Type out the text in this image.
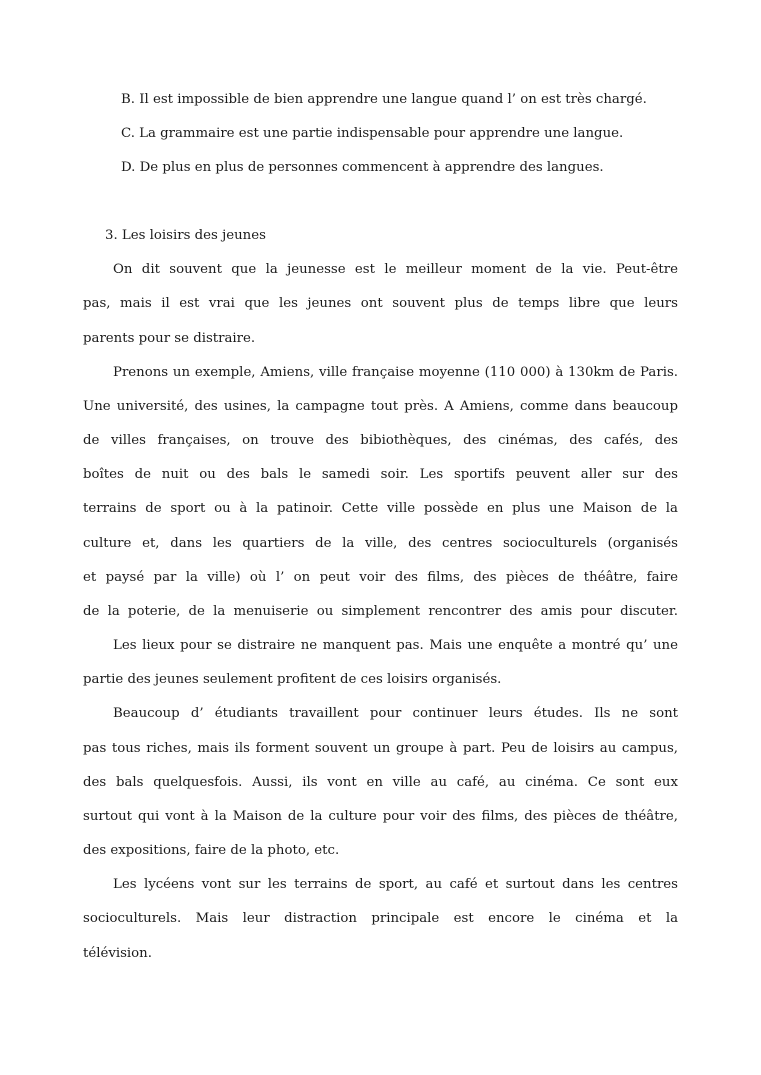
B. Il est impossible de bien apprendre une langue quand l’ on est très chargé.
C. La grammaire est une partie indispensable pour apprendre une langue.
D. De plus en plus de personnes commencent à apprendre des langues.
3. Les loisirs des jeunes
On dit souvent que la jeunesse est le meilleur moment de la vie. Peut-être
pas, mais il est vrai que les jeunes ont souvent plus de temps libre que leurs
parents pour se distraire.
Prenons un exemple, Amiens, ville française moyenne (110 000) à 130km de Paris.
Une université, des usines, la campagne tout près. A Amiens, comme dans beaucoup
de villes françaises, on trouve des bibiothèques, des cinémas, des cafés, des
boîtes de nuit ou des bals le samedi soir. Les sportifs peuvent aller sur des
terrains de sport ou à la patinoir. Cette ville possède en plus une Maison de la
culture et, dans les quartiers de la ville, des centres socioculturels (organisés
et paysé par la ville) où l’ on peut voir des films, des pièces de théâtre, faire
de la poterie, de la menuiserie ou simplement rencontrer des amis pour discuter.
Les lieux pour se distraire ne manquent pas. Mais une enquête a montré qu’ une
partie des jeunes seulement profitent de ces loisirs organisés.
Beaucoup d’ étudiants travaillent pour continuer leurs études. Ils ne sont
pas tous riches, mais ils forment souvent un groupe à part. Peu de loisirs au campus,
des bals quelquesfois. Aussi, ils vont en ville au café, au cinéma. Ce sont eux
surtout qui vont à la Maison de la culture pour voir des films, des pièces de théâtre,
des expositions, faire de la photo, etc.
Les lycéens vont sur les terrains de sport, au café et surtout dans les centres
socioculturels. Mais leur distraction principale est encore le cinéma et la
télévision.
